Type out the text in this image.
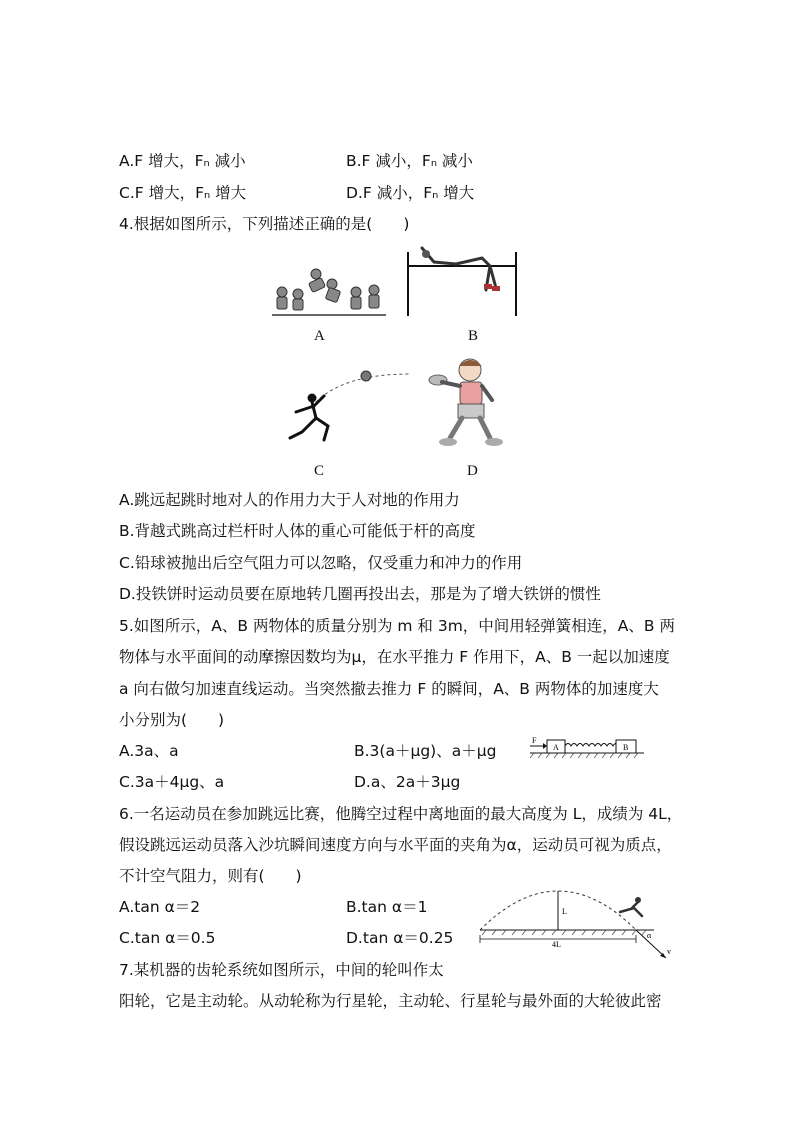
A.F 增大，Fₙ 减小	B.F 减小，Fₙ 减小
C.F 增大，Fₙ 增大	D.F 减小，Fₙ 增大
4.根据如图所示，下列描述正确的是(　　)
A	B
C	D
A.跳远起跳时地对人的作用力大于人对地的作用力
B.背越式跳高过栏杆时人体的重心可能低于杆的高度
C.铅球被抛出后空气阻力可以忽略，仅受重力和冲力的作用
D.投铁饼时运动员要在原地转几圈再投出去，那是为了增大铁饼的惯性
5.如图所示，A、B 两物体的质量分别为 m 和 3m，中间用轻弹簧相连，A、B 两
物体与水平面间的动摩擦因数均为μ，在水平推力 F 作用下，A、B 一起以加速度
a 向右做匀加速直线运动。当突然撤去推力 F 的瞬间，A、B 两物体的加速度大
小分别为(　　)
A.3a、a	B.3(a＋μg)、a＋μg
C.3a＋4μg、a	D.a、2a＋3μg
F
A	B
6.一名运动员在参加跳远比赛，他腾空过程中离地面的最大高度为 L，成绩为 4L，
假设跳远运动员落入沙坑瞬间速度方向与水平面的夹角为α，运动员可视为质点，
不计空气阻力，则有(　　)
A.tan α＝2	B.tan α＝1
C.tan α＝0.5	D.tan α＝0.25
L
4L
α
v
7.某机器的齿轮系统如图所示，中间的轮叫作太
阳轮，它是主动轮。从动轮称为行星轮，主动轮、行星轮与最外面的大轮彼此密
